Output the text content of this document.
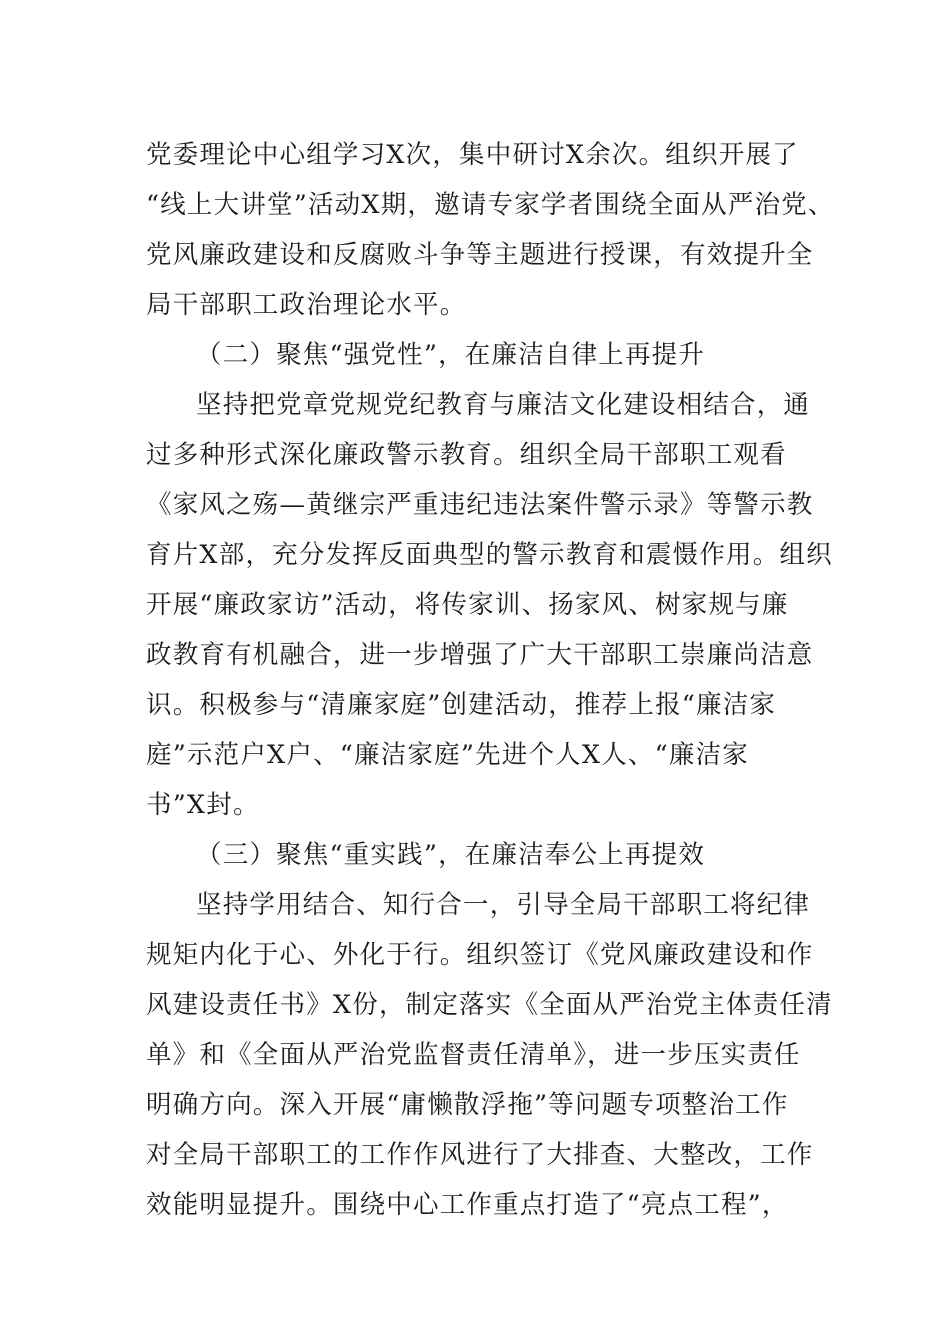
党委理论中心组学习X次，集中研讨X余次。组织开展了
“线上大讲堂”活动X期，邀请专家学者围绕全面从严治党、
党风廉政建设和反腐败斗争等主题进行授课，有效提升全
局干部职工政治理论水平。
（二）聚焦“强党性”，在廉洁自律上再提升
坚持把党章党规党纪教育与廉洁文化建设相结合，通
过多种形式深化廉政警示教育。组织全局干部职工观看
《家风之殇—黄继宗严重违纪违法案件警示录》等警示教
育片X部，充分发挥反面典型的警示教育和震慑作用。组织
开展“廉政家访”活动，将传家训、扬家风、树家规与廉
政教育有机融合，进一步增强了广大干部职工崇廉尚洁意
识。积极参与“清廉家庭”创建活动，推荐上报“廉洁家
庭”示范户X户、“廉洁家庭”先进个人X人、“廉洁家
书”X封。
（三）聚焦“重实践”，在廉洁奉公上再提效
坚持学用结合、知行合一，引导全局干部职工将纪律
规矩内化于心、外化于行。组织签订《党风廉政建设和作
风建设责任书》X份，制定落实《全面从严治党主体责任清
单》和《全面从严治党监督责任清单》，进一步压实责任
明确方向。深入开展“庸懒散浮拖”等问题专项整治工作
对全局干部职工的工作作风进行了大排查、大整改，工作
效能明显提升。围绕中心工作重点打造了“亮点工程”，
